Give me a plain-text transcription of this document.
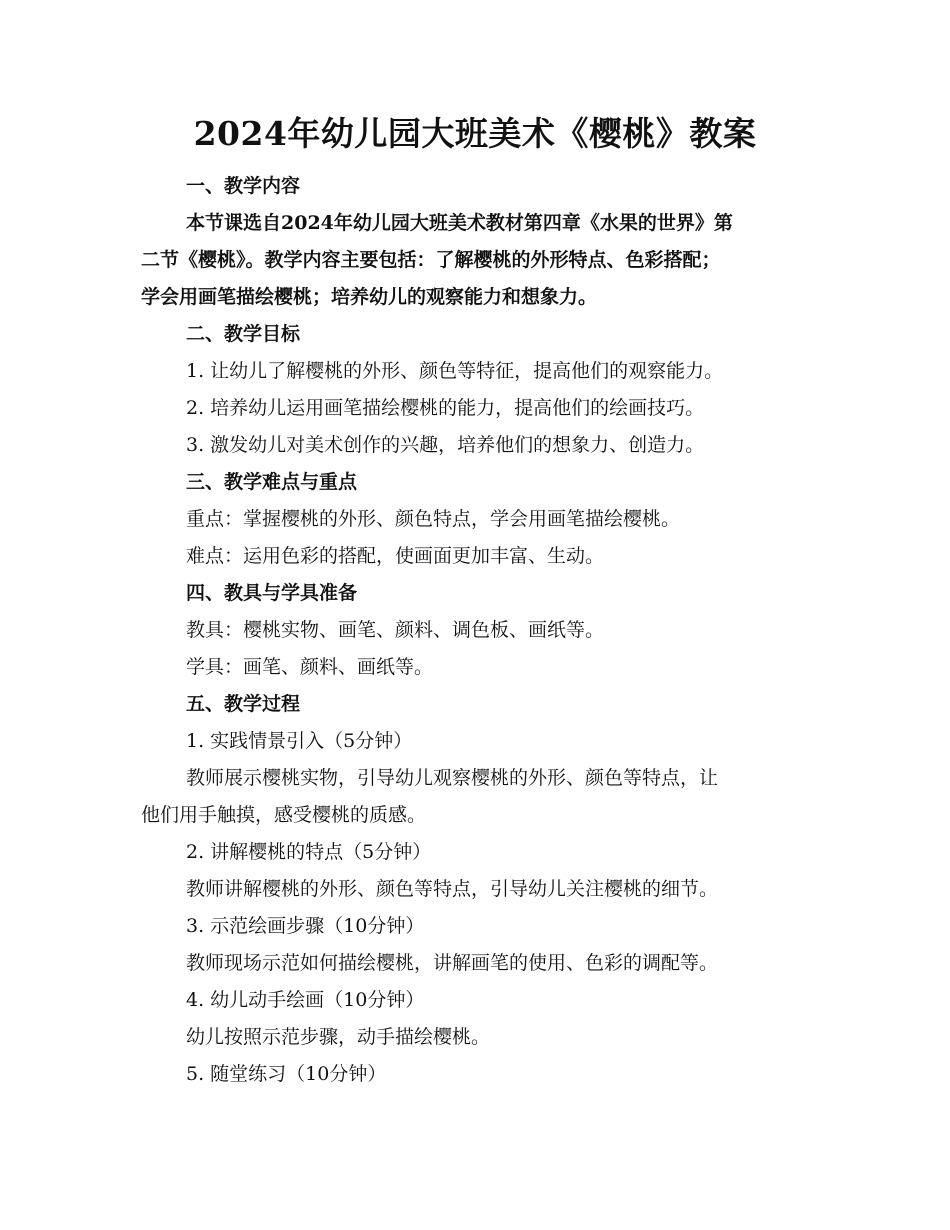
2024年幼儿园大班美术《樱桃》教案
一、教学内容
本节课选自2024年幼儿园大班美术教材第四章《水果的世界》第
二节《樱桃》。教学内容主要包括：了解樱桃的外形特点、色彩搭配；
学会用画笔描绘樱桃；培养幼儿的观察能力和想象力。
二、教学目标
1. 让幼儿了解樱桃的外形、颜色等特征，提高他们的观察能力。
2. 培养幼儿运用画笔描绘樱桃的能力，提高他们的绘画技巧。
3. 激发幼儿对美术创作的兴趣，培养他们的想象力、创造力。
三、教学难点与重点
重点：掌握樱桃的外形、颜色特点，学会用画笔描绘樱桃。
难点：运用色彩的搭配，使画面更加丰富、生动。
四、教具与学具准备
教具：樱桃实物、画笔、颜料、调色板、画纸等。
学具：画笔、颜料、画纸等。
五、教学过程
1. 实践情景引入（5分钟）
教师展示樱桃实物，引导幼儿观察樱桃的外形、颜色等特点，让
他们用手触摸，感受樱桃的质感。
2. 讲解樱桃的特点（5分钟）
教师讲解樱桃的外形、颜色等特点，引导幼儿关注樱桃的细节。
3. 示范绘画步骤（10分钟）
教师现场示范如何描绘樱桃，讲解画笔的使用、色彩的调配等。
4. 幼儿动手绘画（10分钟）
幼儿按照示范步骤，动手描绘樱桃。
5. 随堂练习（10分钟）
